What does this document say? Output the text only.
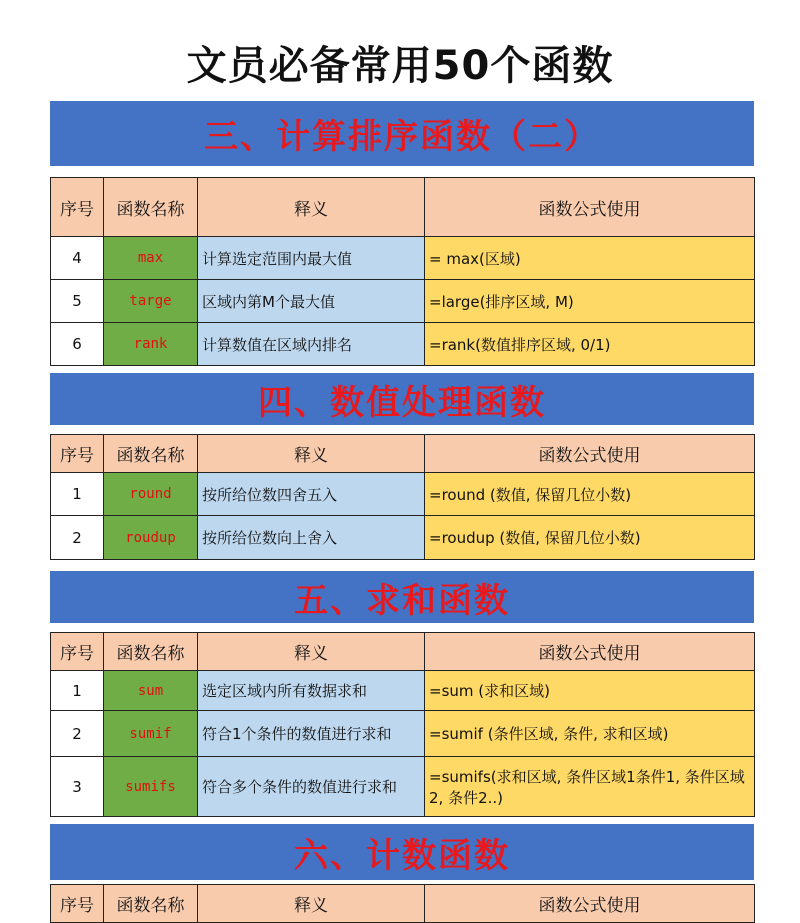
文员必备常用50个函数
三、计算排序函数（二）
序号	函数名称	释义	函数公式使用
4	max	计算选定范围内最大值	= max(区域)
5	targe	区域内第M个最大值	=large(排序区域, M)
6	rank	计算数值在区域内排名	=rank(数值排序区域, 0/1)
四、数值处理函数
序号	函数名称	释义	函数公式使用
1	round	按所给位数四舍五入	=round (数值, 保留几位小数)
2	roudup	按所给位数向上舍入	=roudup (数值, 保留几位小数)
五、求和函数
序号	函数名称	释义	函数公式使用
1	sum	选定区域内所有数据求和	=sum (求和区域)
2	sumif	符合1个条件的数值进行求和	=sumif (条件区域, 条件, 求和区域)
3	sumifs	符合多个条件的数值进行求和	=sumifs(求和区域, 条件区域1条件1, 条件区域2, 条件2..)
六、计数函数
序号	函数名称	释义	函数公式使用
